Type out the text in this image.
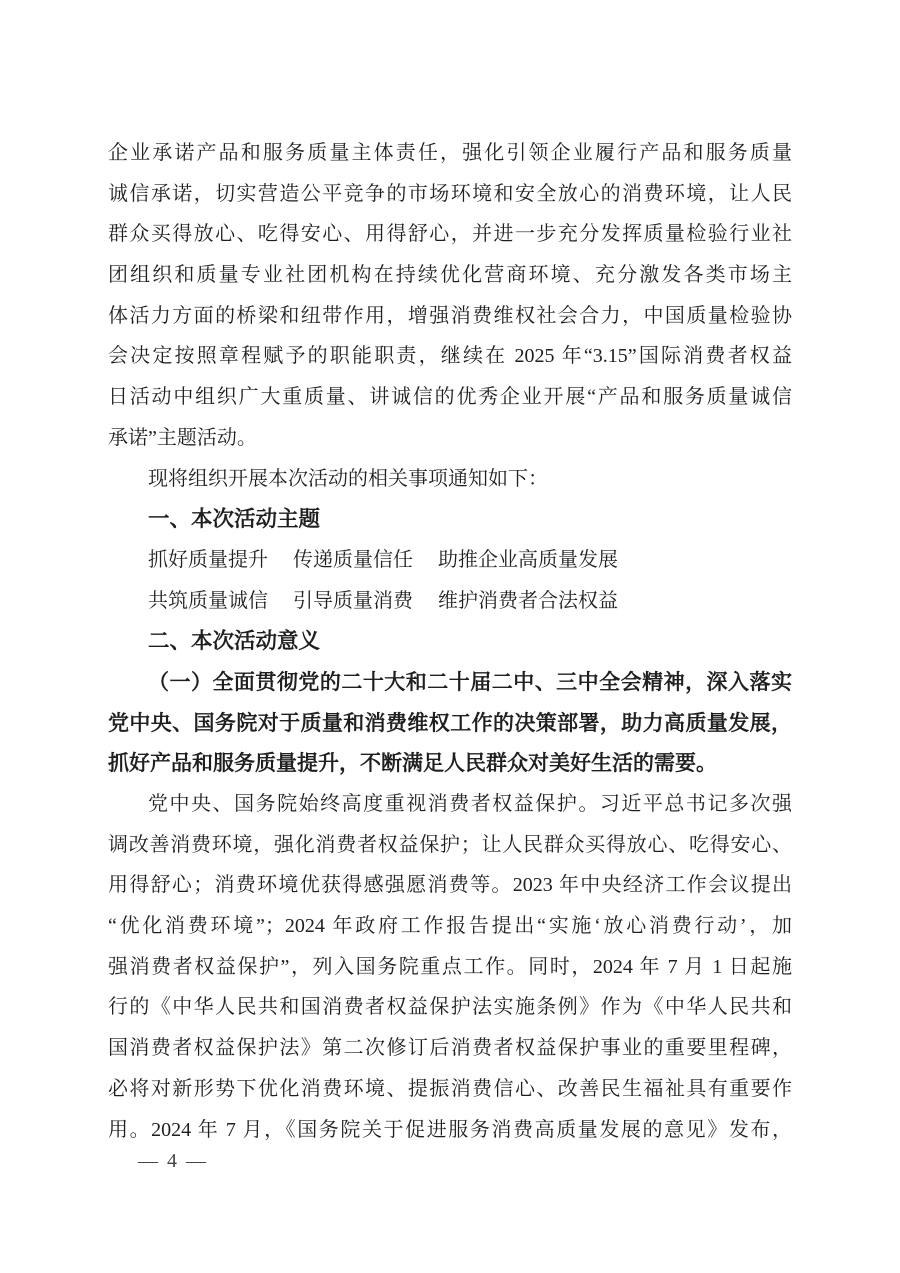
企业承诺产品和服务质量主体责任，强化引领企业履行产品和服务质量
诚信承诺，切实营造公平竞争的市场环境和安全放心的消费环境，让人民
群众买得放心、吃得安心、用得舒心，并进一步充分发挥质量检验行业社
团组织和质量专业社团机构在持续优化营商环境、充分激发各类市场主
体活力方面的桥梁和纽带作用，增强消费维权社会合力，中国质量检验协
会决定按照章程赋予的职能职责，继续在 2025 年“3.15”国际消费者权益
日活动中组织广大重质量、讲诚信的优秀企业开展“产品和服务质量诚信
承诺”主题活动。
现将组织开展本次活动的相关事项通知如下：
一、本次活动主题
抓好质量提升　 传递质量信任　 助推企业高质量发展
共筑质量诚信　 引导质量消费　 维护消费者合法权益
二、本次活动意义
（一）全面贯彻党的二十大和二十届二中、三中全会精神，深入落实
党中央、国务院对于质量和消费维权工作的决策部署，助力高质量发展，
抓好产品和服务质量提升，不断满足人民群众对美好生活的需要。
党中央、国务院始终高度重视消费者权益保护。习近平总书记多次强
调改善消费环境，强化消费者权益保护；让人民群众买得放心、吃得安心、
用得舒心；消费环境优获得感强愿消费等。2023 年中央经济工作会议提出
“优化消费环境”；2024 年政府工作报告提出“实施‘放心消费行动’，加
强消费者权益保护”，列入国务院重点工作。同时，2024 年 7 月 1 日起施
行的《中华人民共和国消费者权益保护法实施条例》作为《中华人民共和
国消费者权益保护法》第二次修订后消费者权益保护事业的重要里程碑，
必将对新形势下优化消费环境、提振消费信心、改善民生福祉具有重要作
用。2024 年 7 月，《国务院关于促进服务消费高质量发展的意见》发布，
— 4 —
